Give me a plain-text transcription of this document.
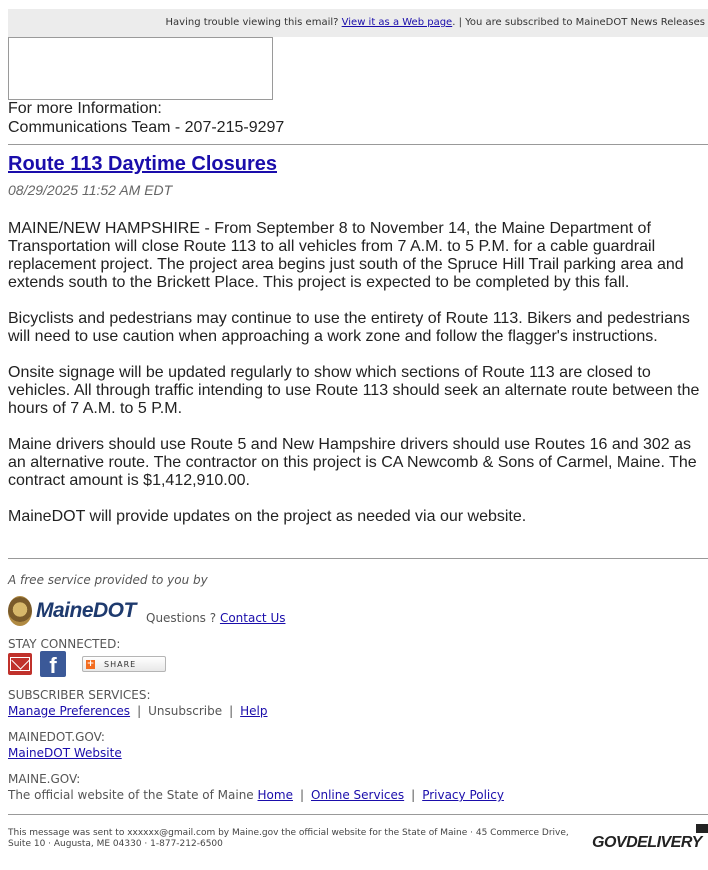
Having trouble viewing this email? View it as a Web page. | You are subscribed to MaineDOT News Releases
For more Information:
Communications Team - 207-215-9297
Route 113 Daytime Closures
08/29/2025 11:52 AM EDT

MAINE/NEW HAMPSHIRE - From September 8 to November 14, the Maine Department of Transportation will close Route 113 to all vehicles from 7 A.M. to 5 P.M. for a cable guardrail replacement project. The project area begins just south of the Spruce Hill Trail parking area and extends south to the Brickett Place. This project is expected to be completed by this fall.

Bicyclists and pedestrians may continue to use the entirety of Route 113. Bikers and pedestrians will need to use caution when approaching a work zone and follow the flagger's instructions.

Onsite signage will be updated regularly to show which sections of Route 113 are closed to vehicles. All through traffic intending to use Route 113 should seek an alternate route between the hours of 7 A.M. to 5 P.M.

Maine drivers should use Route 5 and New Hampshire drivers should use Routes 16 and 302 as an alternative route. The contractor on this project is CA Newcomb & Sons of Carmel, Maine. The contract amount is $1,412,910.00.

MaineDOT will provide updates on the project as needed via our website.

A free service provided to you by
MaineDOT Questions ? Contact Us
STAY CONNECTED:
f	+ SHARE
SUBSCRIBER SERVICES:
Manage Preferences | Unsubscribe | Help
MAINEDOT.GOV:
MaineDOT Website
MAINE.GOV:
The official website of the State of Maine Home | Online Services | Privacy Policy
This message was sent to xxxxxx@gmail.com by Maine.gov the official website for the State of Maine · 45 Commerce Drive, Suite 10 · Augusta, ME 04330 · 1-877-212-6500	GOVDELIVERY
